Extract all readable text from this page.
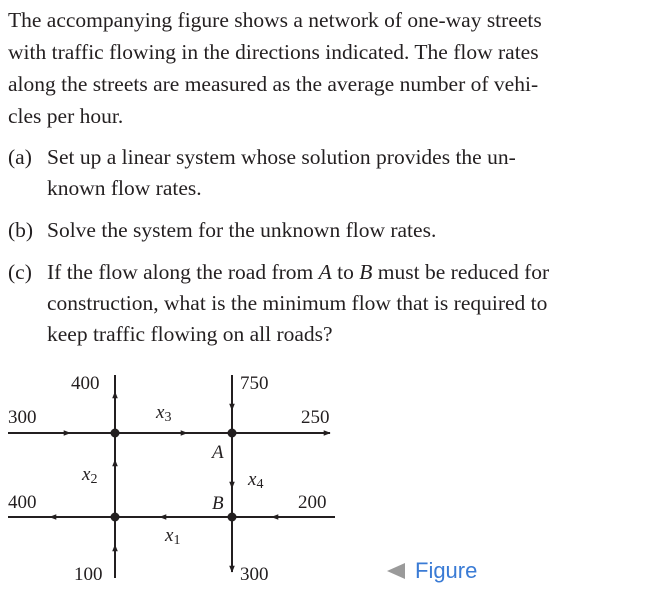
The accompanying figure shows a network of one-way streets
with traffic flowing in the directions indicated. The flow rates
along the streets are measured as the average number of vehi-
cles per hour.
(a) Set up a linear system whose solution provides the un-
known flow rates.
(b) Solve the system for the unknown flow rates.
(c) If the flow along the road from A to B must be reduced for
construction, what is the minimum flow that is required to
keep traffic flowing on all roads?
400	750
300	250
400	200
100	300
x3
x2	x4
x1
A
B
Figure
